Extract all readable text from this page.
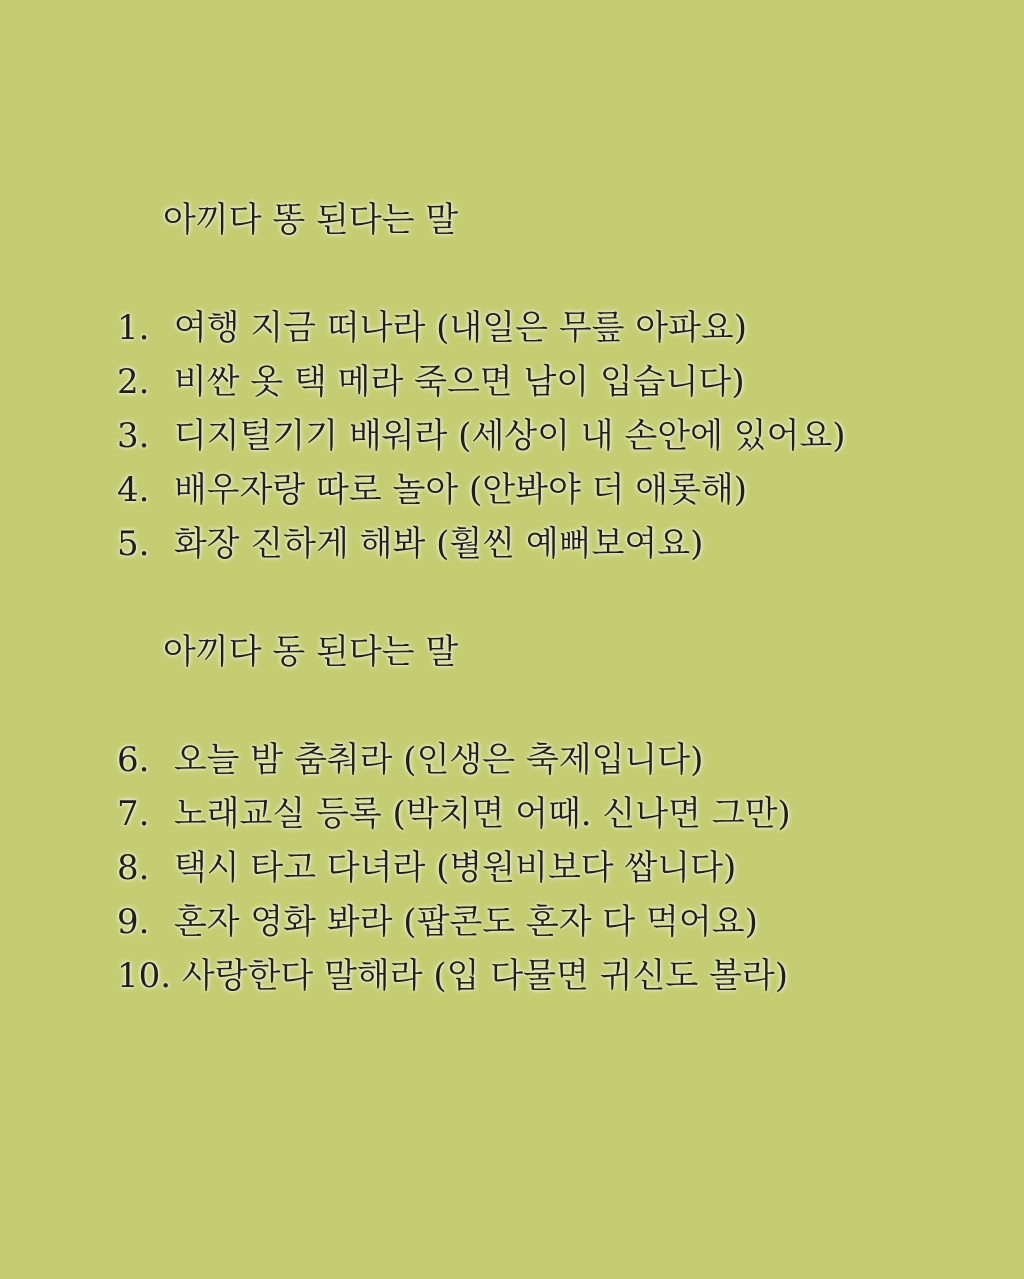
아끼다 똥 된다는 말
1. 여행 지금 떠나라 (내일은 무릎 아파요)
2. 비싼 옷 택 메라 죽으면 남이 입습니다)
3. 디지털기기 배워라 (세상이 내 손안에 있어요)
4. 배우자랑 따로 놀아 (안봐야 더 애롯해)
5. 화장 진하게 해봐 (훨씬 예뻐보여요)
아끼다 동 된다는 말
6. 오늘 밤 춤춰라 (인생은 축제입니다)
7. 노래교실 등록 (박치면 어때. 신나면 그만)
8. 택시 타고 다녀라 (병원비보다 쌉니다)
9. 혼자 영화 봐라 (팝콘도 혼자 다 먹어요)
10. 사랑한다 말해라 (입 다물면 귀신도 볼라)
